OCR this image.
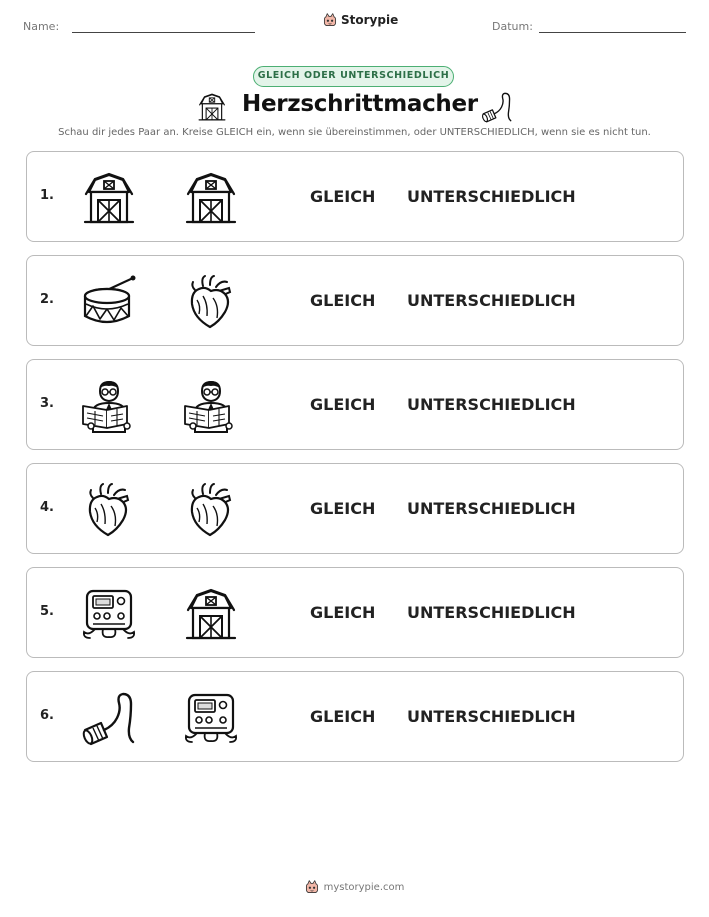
Name:	Storypie	Datum:
GLEICH ODER UNTERSCHIEDLICH
Herzschrittmacher
Schau dir jedes Paar an. Kreise GLEICH ein, wenn sie übereinstimmen, oder UNTERSCHIEDLICH, wenn sie es nicht tun.
1.	GLEICH UNTERSCHIEDLICH
2.	GLEICH UNTERSCHIEDLICH
3.	GLEICH UNTERSCHIEDLICH
4.	GLEICH UNTERSCHIEDLICH
5.	GLEICH UNTERSCHIEDLICH
6.	GLEICH UNTERSCHIEDLICH
mystorypie.com
